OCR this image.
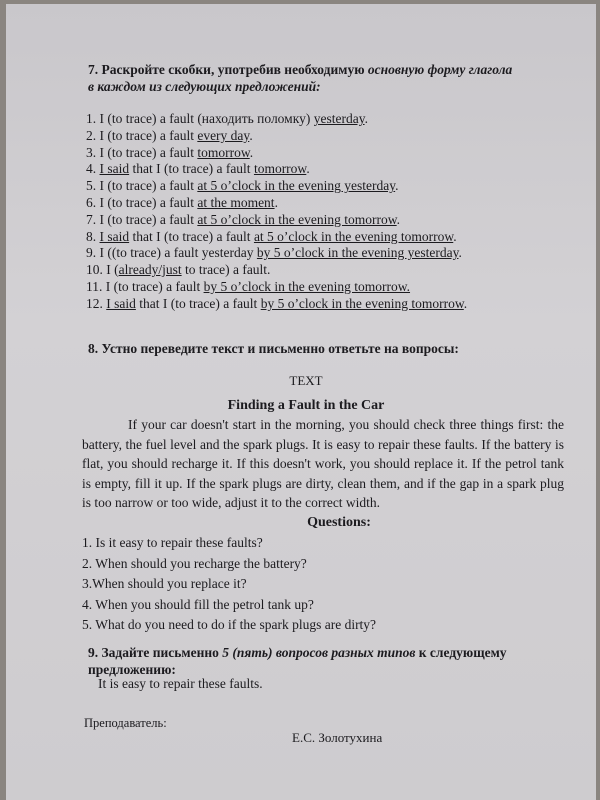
7. Раскройте скобки, употребив необходимую основную форму глагола
в каждом из следующих предложений:
1. I (to trace) a fault (находить поломку) yesterday.
2. I (to trace) a fault every day.
3. I (to trace) a fault tomorrow.
4. I said that I (to trace) a fault tomorrow.
5. I (to trace) a fault at 5 o’clock in the evening yesterday.
6. I (to trace) a fault at the moment.
7. I (to trace) a fault at 5 o’clock in the evening tomorrow.
8. I said that I (to trace) a fault at 5 o’clock in the evening tomorrow.
9. I ((to trace) a fault yesterday by 5 o’clock in the evening yesterday.
10. I (already/just to trace) a fault.
11. I (to trace) a fault by 5 o’clock in the evening tomorrow.
12. I said that I (to trace) a fault by 5 o’clock in the evening tomorrow.
8. Устно переведите текст и письменно ответьте на вопросы:
TEXT
Finding a Fault in the Car

If your car doesn't start in the morning, you should check three things first: the battery, the fuel level and the spark plugs. It is easy to repair these faults. If the battery is flat, you should recharge it. If this doesn't work, you should replace it. If the petrol tank is empty, fill it up. If the spark plugs are dirty, clean them, and if the gap in a spark plug is too narrow or too wide, adjust it to the correct width.

Questions:
1. Is it easy to repair these faults?
2. When should you recharge the battery?
3.When should you replace it?
4. When you should fill the petrol tank up?
5. What do you need to do if the spark plugs are dirty?
9. Задайте письменно 5 (пять) вопросов разных типов к следующему предложению:
It is easy to repair these faults.
Преподаватель:
Е.С. Золотухина
